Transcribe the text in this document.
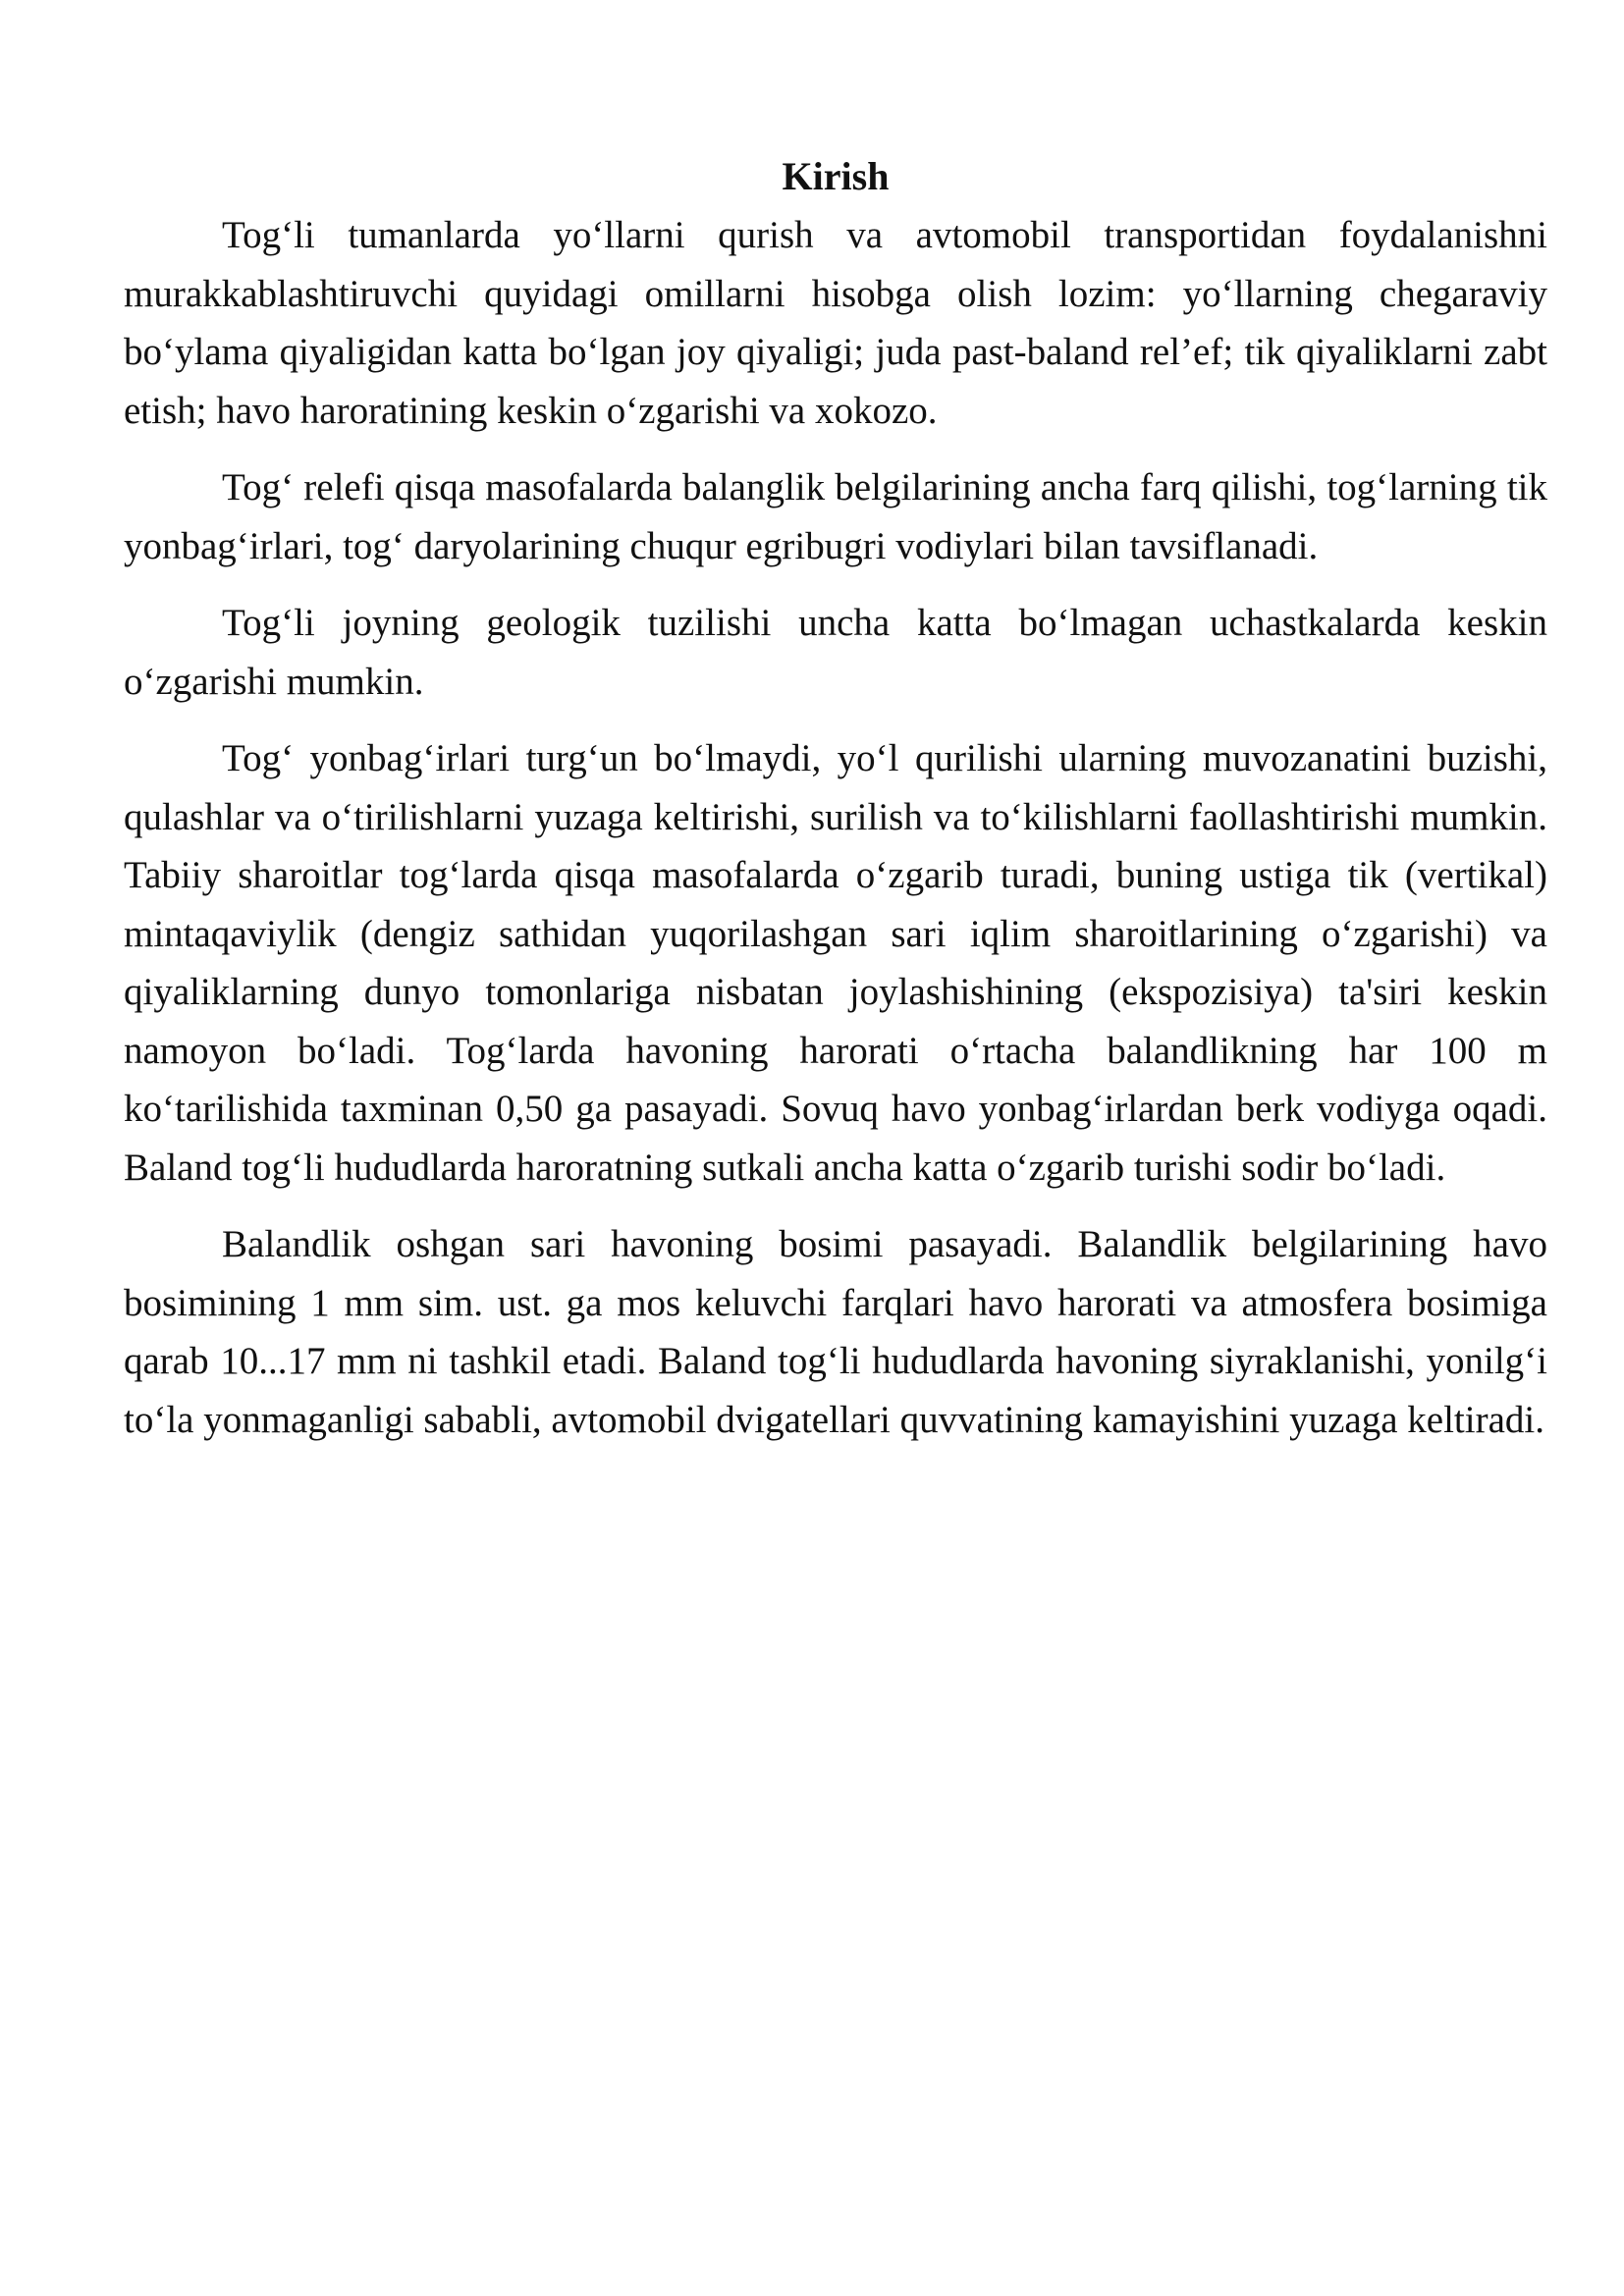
Kirish

Tog‘li tumanlarda yo‘llarni qurish va avtomobil transportidan foydalanishni murakkablashtiruvchi quyidagi omillarni hisobga olish lozim: yo‘llarning chegaraviy bo‘ylama qiyaligidan katta bo‘lgan joy qiyaligi; juda past-baland rel’ef; tik qiyaliklarni zabt etish; havo haroratining keskin o‘zgarishi va xokozo.

Tog‘ relefi qisqa masofalarda balanglik belgilarining ancha farq qilishi, tog‘larning tik yonbag‘irlari, tog‘ daryolarining chuqur egribugri vodiylari bilan tavsiflanadi.

Tog‘li joyning geologik tuzilishi uncha katta bo‘lmagan uchastkalarda keskin o‘zgarishi mumkin.

Tog‘ yonbag‘irlari turg‘un bo‘lmaydi, yo‘l qurilishi ularning muvozanatini buzishi, qulashlar va o‘tirilishlarni yuzaga keltirishi, surilish va to‘kilishlarni faollashtirishi mumkin. Tabiiy sharoitlar tog‘larda qisqa masofalarda o‘zgarib turadi, buning ustiga tik (vertikal) mintaqaviylik (dengiz sathidan yuqorilashgan sari iqlim sharoitlarining o‘zgarishi) va qiyaliklarning dunyo tomonlariga nisbatan joylashishining (ekspozisiya) ta'siri keskin namoyon bo‘ladi. Tog‘larda havoning harorati o‘rtacha balandlikning har 100 m ko‘tarilishida taxminan 0,50 ga pasayadi. Sovuq havo yonbag‘irlardan berk vodiyga oqadi. Baland tog‘li hududlarda haroratning sutkali ancha katta o‘zgarib turishi sodir bo‘ladi.

Balandlik oshgan sari havoning bosimi pasayadi. Balandlik belgilarining havo bosimining 1 mm sim. ust. ga mos keluvchi farqlari havo harorati va atmosfera bosimiga qarab 10...17 mm ni tashkil etadi. Baland tog‘li hududlarda havoning siyraklanishi, yonilg‘i to‘la yonmaganligi sababli, avtomobil dvigatellari quvvatining kamayishini yuzaga keltiradi.
